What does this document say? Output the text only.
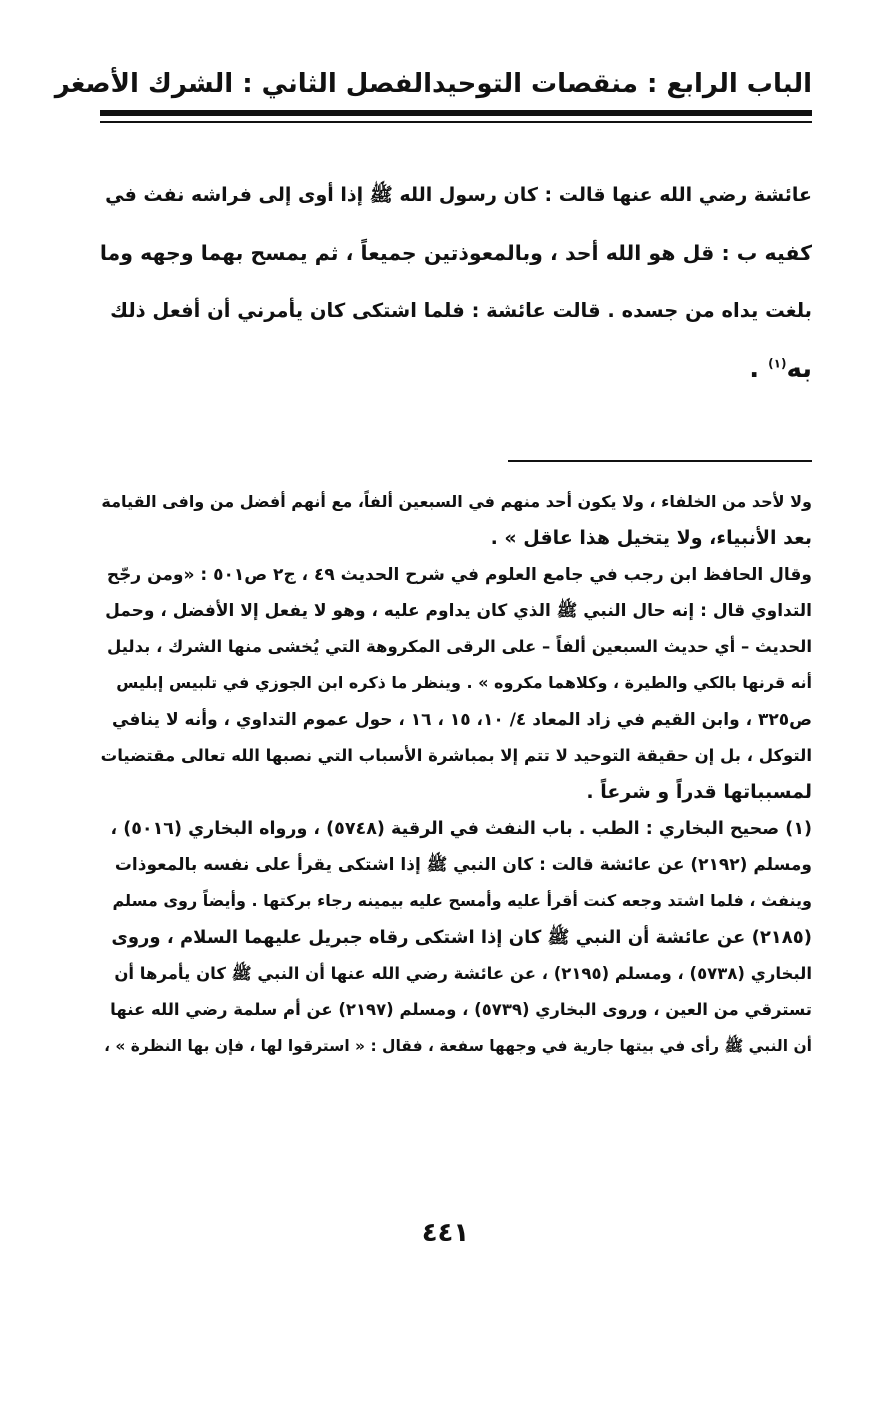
الباب الرابع : منقصات التوحيد
الفصل الثاني : الشرك الأصغر
عائشة رضي الله عنها قالت : كان رسول الله ﷺ إذا أوى إلى فراشه نفث في
كفيه ب : قل هو الله أحد ، وبالمعوذتين جميعاً ، ثم يمسح بهما وجهه وما
بلغت يداه من جسده . قالت عائشة : فلما اشتكى كان يأمرني أن أفعل ذلك
به$^{(١)}$ .
ولا لأحد من الخلفاء ، ولا يكون أحد منهم في السبعين ألفاً، مع أنهم أفضل من وافى القيامة
بعد الأنبياء، ولا يتخيل هذا عاقل » .
وقال الحافظ ابن رجب في جامع العلوم في شرح الحديث ٤٩ ، ج٢ ص٥٠١ : «ومن رجّح
التداوي قال : إنه حال النبي ﷺ الذي كان يداوم عليه ، وهو لا يفعل إلا الأفضل ، وحمل
الحديث – أي حديث السبعين ألفاً – على الرقى المكروهة التي يُخشى منها الشرك ، بدليل
أنه قرنها بالكي والطيرة ، وكلاهما مكروه » . وينظر ما ذكره ابن الجوزي في تلبيس إبليس
ص٣٢٥ ، وابن القيم في زاد المعاد ٤/ ١٠، ١٥ ، ١٦ ، حول عموم التداوي ، وأنه لا ينافي
التوكل ، بل إن حقيقة التوحيد لا تتم إلا بمباشرة الأسباب التي نصبها الله تعالى مقتضيات
لمسبباتها قدراً و شرعاً .
(١) صحيح البخاري : الطب . باب النفث في الرقية (٥٧٤٨) ، ورواه البخاري (٥٠١٦) ،
ومسلم (٢١٩٢) عن عائشة قالت : كان النبي ﷺ إذا اشتكى يقرأ على نفسه بالمعوذات
وينفث ، فلما اشتد وجعه كنت أقرأ عليه وأمسح عليه بيمينه رجاء بركتها . وأيضاً روى مسلم
(٢١٨٥) عن عائشة أن النبي ﷺ كان إذا اشتكى رقاه جبريل عليهما السلام ، وروى
البخاري (٥٧٣٨) ، ومسلم (٢١٩٥) ، عن عائشة رضي الله عنها أن النبي ﷺ كان يأمرها أن
تسترقي من العين ، وروى البخاري (٥٧٣٩) ، ومسلم (٢١٩٧) عن أم سلمة رضي الله عنها
أن النبي ﷺ رأى في بيتها جارية في وجهها سفعة ، فقال : « استرقوا لها ، فإن بها النظرة » ،
٤٤١
